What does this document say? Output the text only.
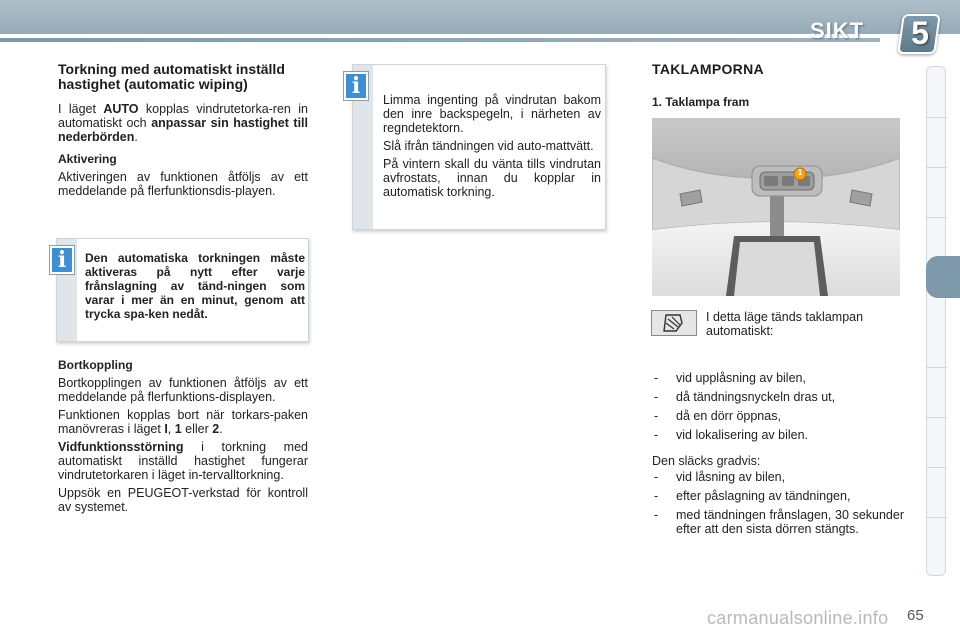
SIKT 5
Torkning med automatiskt inställd hastighet (automatic wiping)

I läget AUTO kopplas vindrutetorka-ren in automatiskt och anpassar sin hastighet till nederbörden.

Aktivering

Aktiveringen av funktionen åtföljs av ett meddelande på flerfunktionsdis-playen.

Den automatiska torkningen måste aktiveras på nytt efter varje frånslagning av tänd-ningen som varar i mer än en minut, genom att trycka spa-ken nedåt.
i
Bortkoppling

Bortkopplingen av funktionen åtföljs av ett meddelande på flerfunktions-displayen.

Funktionen kopplas bort när torkars-paken manövreras i läget I, 1 eller 2.

Vidfunktionsstörning i torkning med automatiskt inställd hastighet fungerar vindrutetorkaren i läget in-tervalltorkning.

Uppsök en PEUGEOT-verkstad för kontroll av systemet.

Limma ingenting på vindrutan bakom den inre backspegeln, i närheten av regndetektorn.

Slå ifrån tändningen vid auto-mattvätt.

På vintern skall du vänta tills vindrutan avfrostats, innan du kopplar in automatisk torkning.

i
TAKLAMPORNA
1. Taklampa fram
1

I detta läge tänds taklampan automatiskt:

- vid upplåsning av bilen,
- då tändningsnyckeln dras ut,
- då en dörr öppnas,
- vid lokalisering av bilen.

Den släcks gradvis:

- vid låsning av bilen,
- efter påslagning av tändningen,
- med tändningen frånslagen, 30 sekunder efter att den sista dörren stängts.
carmanualsonline.info 65
